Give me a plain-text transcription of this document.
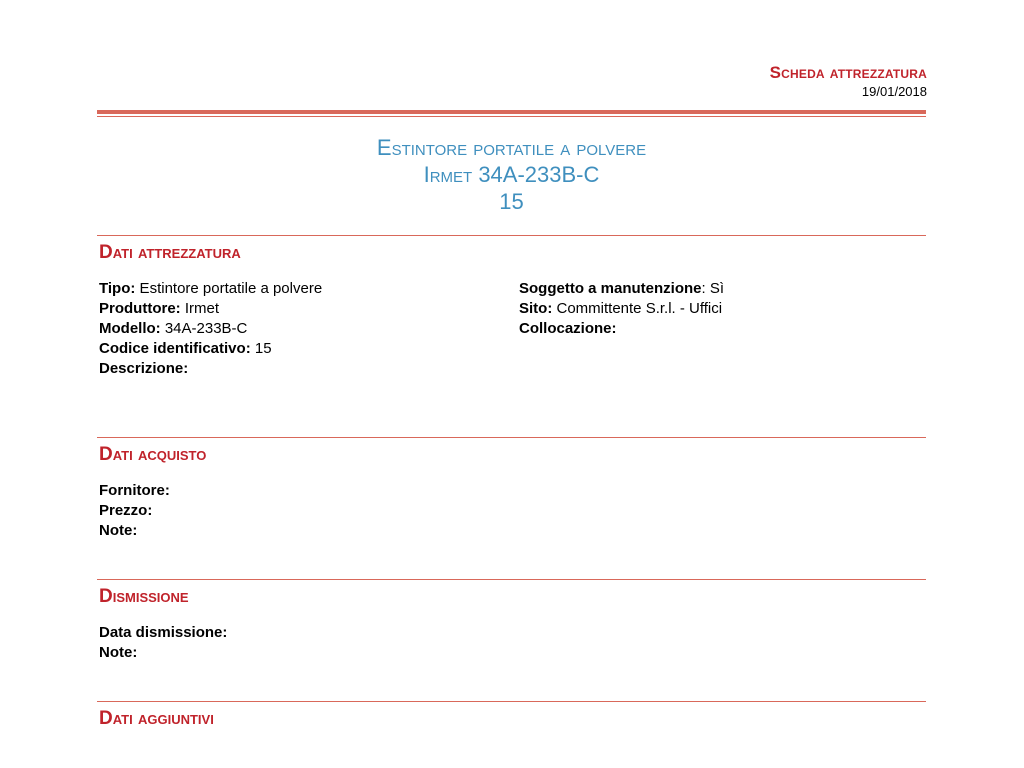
Scheda attrezzatura
19/01/2018
Estintore portatile a polvere
Irmet 34A-233B-C
15
Dati attrezzatura
Tipo: Estintore portatile a polvere
Produttore: Irmet
Modello: 34A-233B-C
Codice identificativo: 15
Descrizione:
Soggetto a manutenzione: Sì
Sito: Committente S.r.l. - Uffici
Collocazione:
Dati acquisto
Fornitore:
Prezzo:
Note:
Dismissione
Data dismissione:
Note:
Dati aggiuntivi
